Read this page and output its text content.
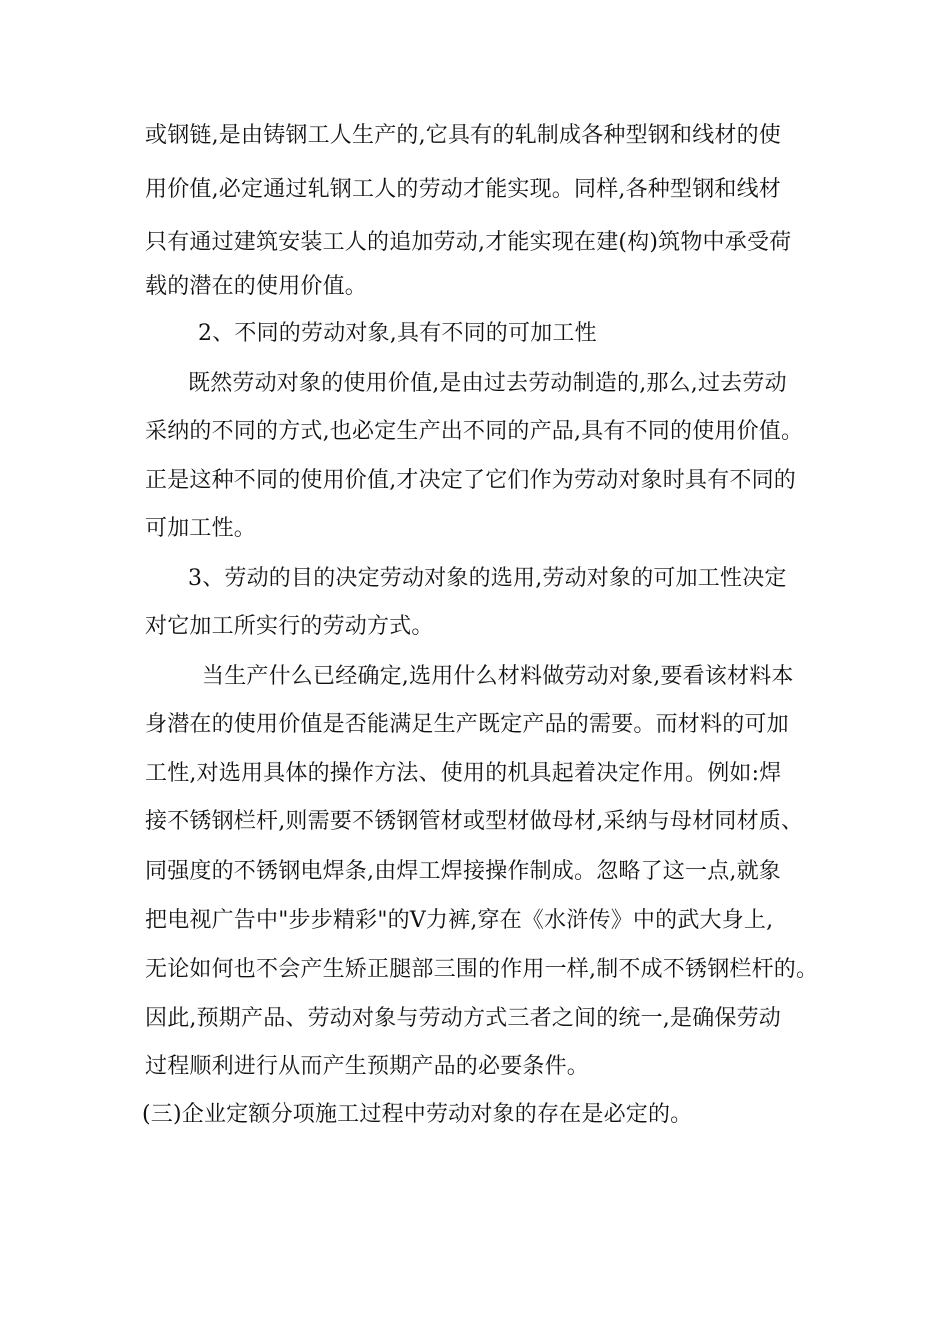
或钢链,是由铸钢工人生产的,它具有的轧制成各种型钢和线材的使
用价值,必定通过轧钢工人的劳动才能实现。同样,各种型钢和线材
只有通过建筑安装工人的追加劳动,才能实现在建(构)筑物中承受荷
载的潜在的使用价值。
2、不同的劳动对象,具有不同的可加工性
既然劳动对象的使用价值,是由过去劳动制造的,那么,过去劳动
采纳的不同的方式,也必定生产出不同的产品,具有不同的使用价值。
正是这种不同的使用价值,才决定了它们作为劳动对象时具有不同的
可加工性。
3、劳动的目的决定劳动对象的选用,劳动对象的可加工性决定
对它加工所实行的劳动方式。
当生产什么已经确定,选用什么材料做劳动对象,要看该材料本
身潜在的使用价值是否能满足生产既定产品的需要。而材料的可加
工性,对选用具体的操作方法、使用的机具起着决定作用。例如:焊
接不锈钢栏杆,则需要不锈钢管材或型材做母材,采纳与母材同材质、
同强度的不锈钢电焊条,由焊工焊接操作制成。忽略了这一点,就象
把电视广告中"步步精彩"的Ⅴ力裤,穿在《水浒传》中的武大身上,
无论如何也不会产生矫正腿部三围的作用一样,制不成不锈钢栏杆的。
因此,预期产品、劳动对象与劳动方式三者之间的统一,是确保劳动
过程顺利进行从而产生预期产品的必要条件。
(三)企业定额分项施工过程中劳动对象的存在是必定的。
